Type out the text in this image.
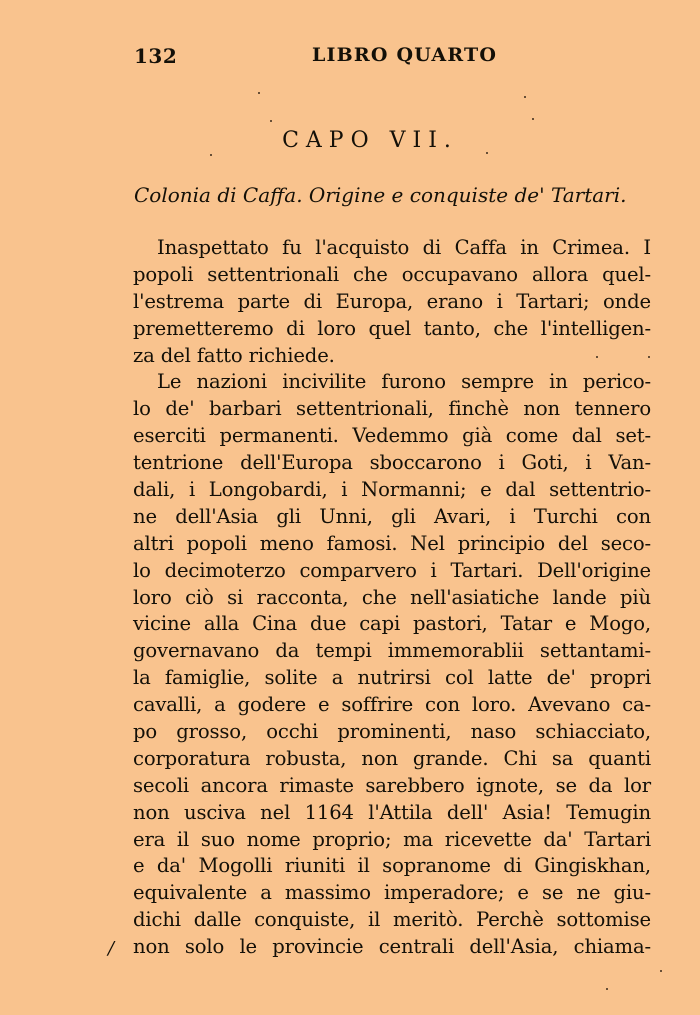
132	LIBRO QUARTO
CAPO VII.
Colonia di Caffa. Origine e conquiste de' Tartari.
Inaspettato fu l'acquisto di Caffa in Crimea. I
popoli settentrionali che occupavano allora quel-
l'estrema parte di Europa, erano i Tartari; onde
premetteremo di loro quel tanto, che l'intelligen-
za del fatto richiede.
Le nazioni incivilite furono sempre in perico-
lo de' barbari settentrionali, finchè non tennero
eserciti permanenti. Vedemmo già come dal set-
tentrione dell'Europa sboccarono i Goti, i Van-
dali, i Longobardi, i Normanni; e dal settentrio-
ne dell'Asia gli Unni, gli Avari, i Turchi con
altri popoli meno famosi. Nel principio del seco-
lo decimoterzo comparvero i Tartari. Dell'origine
loro ciò si racconta, che nell'asiatiche lande più
vicine alla Cina due capi pastori, Tatar e Mogo,
governavano da tempi immemorablii settantami-
la famiglie, solite a nutrirsi col latte de' propri
cavalli, a godere e soffrire con loro. Avevano ca-
po grosso, occhi prominenti, naso schiacciato,
corporatura robusta, non grande. Chi sa quanti
secoli ancora rimaste sarebbero ignote, se da lor
non usciva nel 1164 l'Attila dell' Asia! Temugin
era il suo nome proprio; ma ricevette da' Tartari
e da' Mogolli riuniti il sopranome di Gingiskhan,
equivalente a massimo imperadore; e se ne giu-
dichi dalle conquiste, il meritò. Perchè sottomise
non solo le provincie centrali dell'Asia, chiama-
/
